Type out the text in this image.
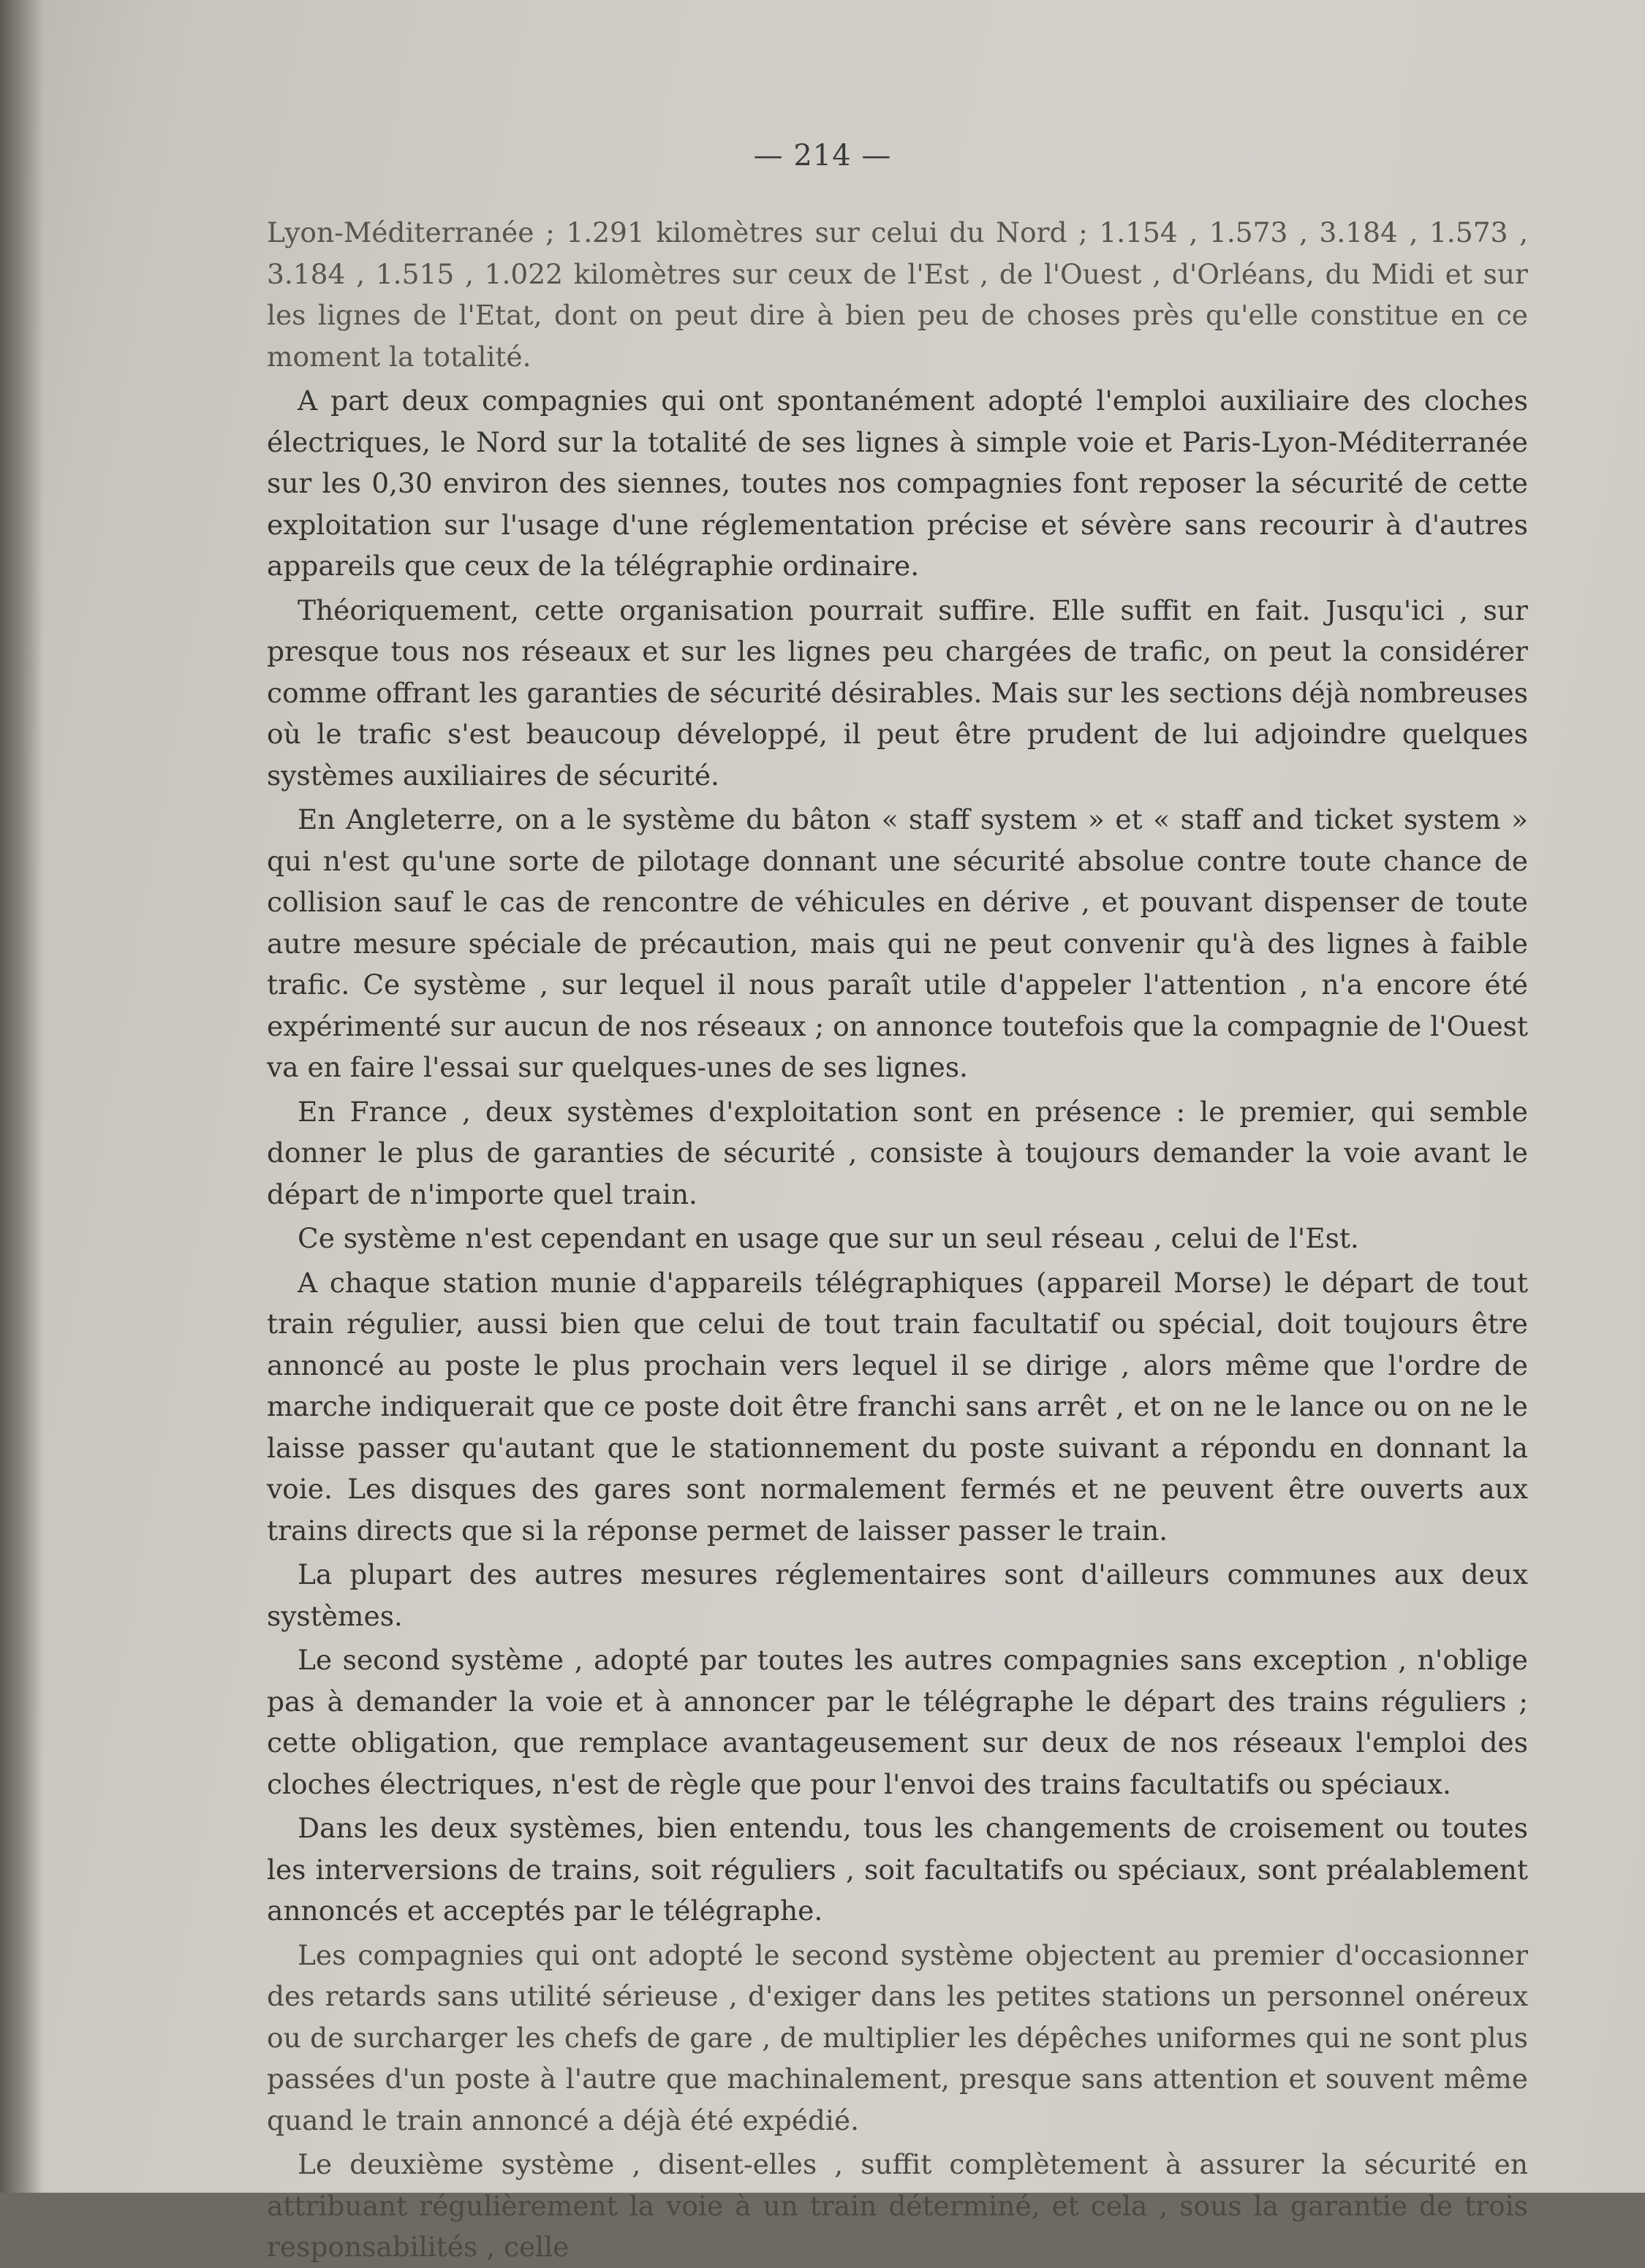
— 214 —

Lyon-Méditerranée ; 1.291 kilomètres sur celui du Nord ; 1.154 , 1.573 , 3.184 , 1.573 , 3.184 , 1.515 , 1.022 kilomètres sur ceux de l'Est , de l'Ouest , d'Orléans, du Midi et sur les lignes de l'Etat, dont on peut dire à bien peu de choses près qu'elle constitue en ce moment la totalité.

A part deux compagnies qui ont spontanément adopté l'emploi auxiliaire des cloches électriques, le Nord sur la totalité de ses lignes à simple voie et Paris-Lyon-Méditerranée sur les 0,30 environ des siennes, toutes nos compagnies font reposer la sécurité de cette exploitation sur l'usage d'une réglementation précise et sévère sans recourir à d'autres appareils que ceux de la télégraphie ordinaire.

Théoriquement, cette organisation pourrait suffire. Elle suffit en fait. Jusqu'ici , sur presque tous nos réseaux et sur les lignes peu chargées de trafic, on peut la considérer comme offrant les garanties de sécurité désirables. Mais sur les sections déjà nombreuses où le trafic s'est beaucoup développé, il peut être prudent de lui adjoindre quelques systèmes auxiliaires de sécurité.

En Angleterre, on a le système du bâton « staff system » et « staff and ticket system » qui n'est qu'une sorte de pilotage donnant une sécurité absolue contre toute chance de collision sauf le cas de rencontre de véhicules en dérive , et pouvant dispenser de toute autre mesure spéciale de précaution, mais qui ne peut convenir qu'à des lignes à faible trafic. Ce système , sur lequel il nous paraît utile d'appeler l'attention , n'a encore été expérimenté sur aucun de nos réseaux ; on annonce toutefois que la compagnie de l'Ouest va en faire l'essai sur quelques-unes de ses lignes.

En France , deux systèmes d'exploitation sont en présence : le premier, qui semble donner le plus de garanties de sécurité , consiste à toujours demander la voie avant le départ de n'importe quel train.

Ce système n'est cependant en usage que sur un seul réseau , celui de l'Est.

A chaque station munie d'appareils télégraphiques (appareil Morse) le départ de tout train régulier, aussi bien que celui de tout train facultatif ou spécial, doit toujours être annoncé au poste le plus prochain vers lequel il se dirige , alors même que l'ordre de marche indiquerait que ce poste doit être franchi sans arrêt , et on ne le lance ou on ne le laisse passer qu'autant que le stationnement du poste suivant a répondu en donnant la voie. Les disques des gares sont normalement fermés et ne peuvent être ouverts aux trains directs que si la réponse permet de laisser passer le train.

La plupart des autres mesures réglementaires sont d'ailleurs communes aux deux systèmes.

Le second système , adopté par toutes les autres compagnies sans exception , n'oblige pas à demander la voie et à annoncer par le télégraphe le départ des trains réguliers ; cette obligation, que remplace avantageusement sur deux de nos réseaux l'emploi des cloches électriques, n'est de règle que pour l'envoi des trains facultatifs ou spéciaux.

Dans les deux systèmes, bien entendu, tous les changements de croisement ou toutes les interversions de trains, soit réguliers , soit facultatifs ou spéciaux, sont préalablement annoncés et acceptés par le télégraphe.

Les compagnies qui ont adopté le second système objectent au premier d'occasionner des retards sans utilité sérieuse , d'exiger dans les petites stations un personnel onéreux ou de surcharger les chefs de gare , de multiplier les dépêches uniformes qui ne sont plus passées d'un poste à l'autre que machinalement, presque sans attention et souvent même quand le train annoncé a déjà été expédié.

Le deuxième système , disent-elles , suffit complètement à assurer la sécurité en attribuant régulièrement la voie à un train déterminé, et cela , sous la garantie de trois responsabilités , celle
